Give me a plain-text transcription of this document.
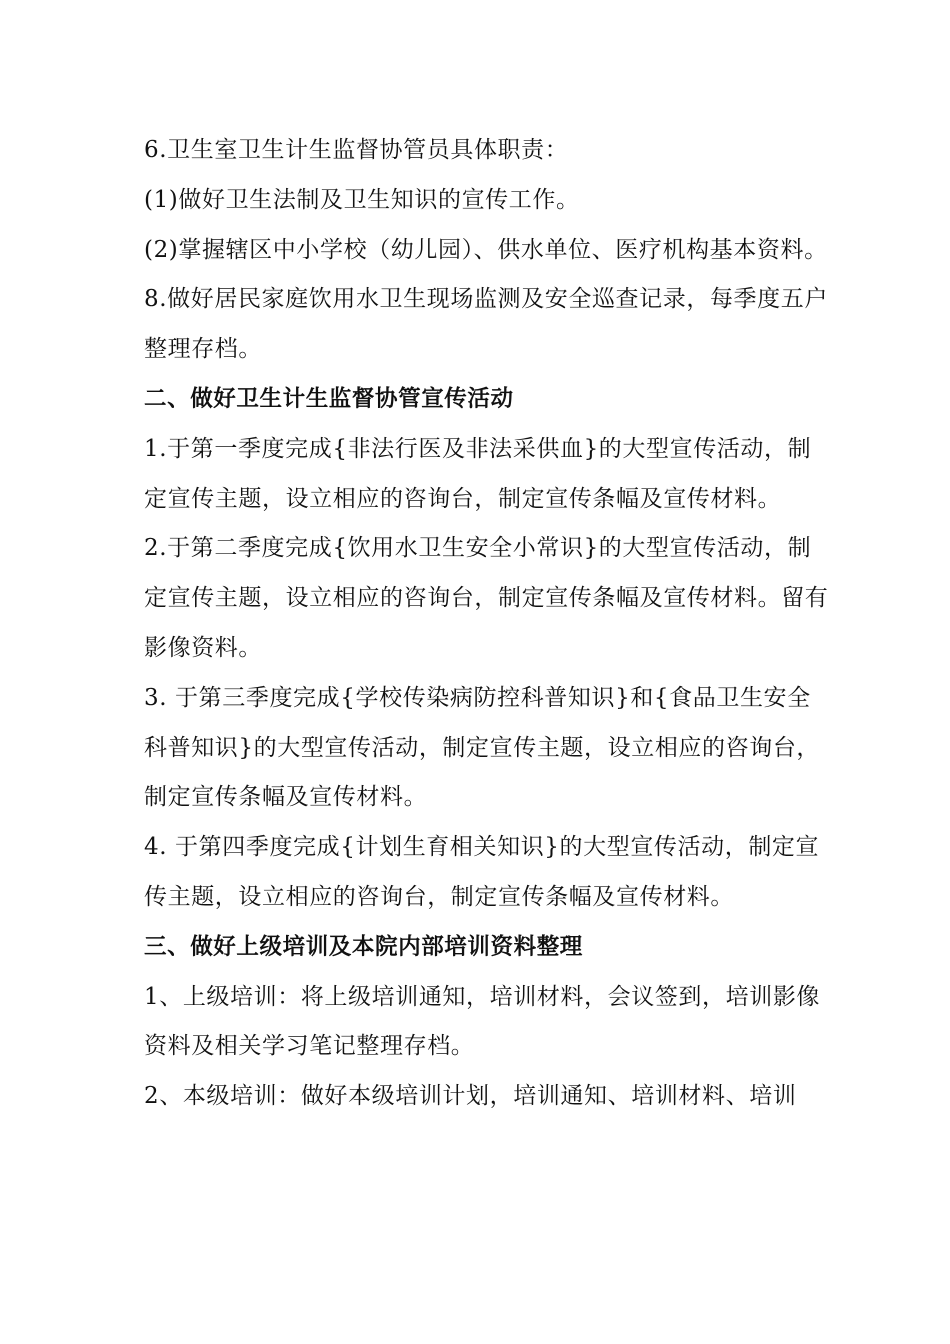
6.卫生室卫生计生监督协管员具体职责：

(1)做好卫生法制及卫生知识的宣传工作。

(2)掌握辖区中小学校（幼儿园）、供水单位、医疗机构基本资料。

8.做好居民家庭饮用水卫生现场监测及安全巡查记录，每季度五户整理存档。

二、做好卫生计生监督协管宣传活动

1.于第一季度完成{非法行医及非法采供血}的大型宣传活动，制定宣传主题，设立相应的咨询台，制定宣传条幅及宣传材料。

2.于第二季度完成{饮用水卫生安全小常识}的大型宣传活动，制定宣传主题，设立相应的咨询台，制定宣传条幅及宣传材料。留有影像资料。

3. 于第三季度完成{学校传染病防控科普知识}和{食品卫生安全科普知识}的大型宣传活动，制定宣传主题，设立相应的咨询台，制定宣传条幅及宣传材料。

4. 于第四季度完成{计划生育相关知识}的大型宣传活动，制定宣传主题，设立相应的咨询台，制定宣传条幅及宣传材料。

三、做好上级培训及本院内部培训资料整理

1、上级培训：将上级培训通知，培训材料，会议签到，培训影像资料及相关学习笔记整理存档。

2、本级培训：做好本级培训计划，培训通知、培训材料、培训
